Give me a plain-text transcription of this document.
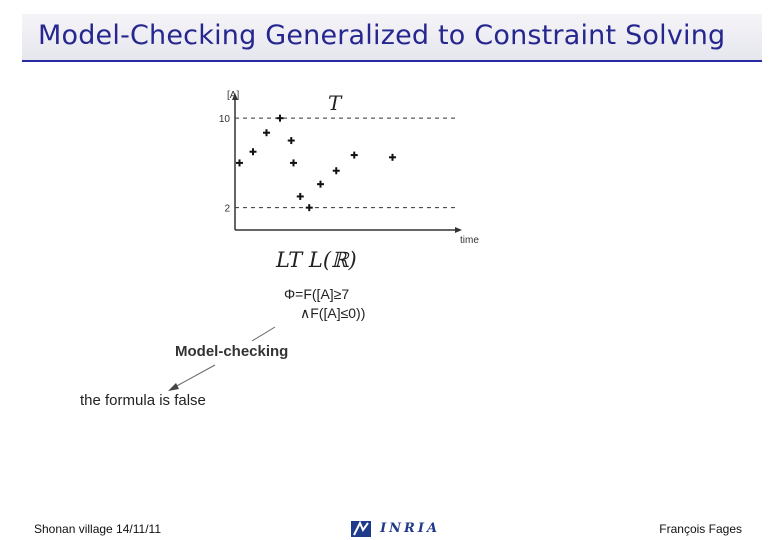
Model-Checking Generalized to Constraint Solving
2
10
[A]
time
T
LT L(ℝ)
Φ=F([A]≥7
∧F([A]≤0))
Model-checking
the formula is false
Shonan village 14/11/11	INRIA	François Fages
